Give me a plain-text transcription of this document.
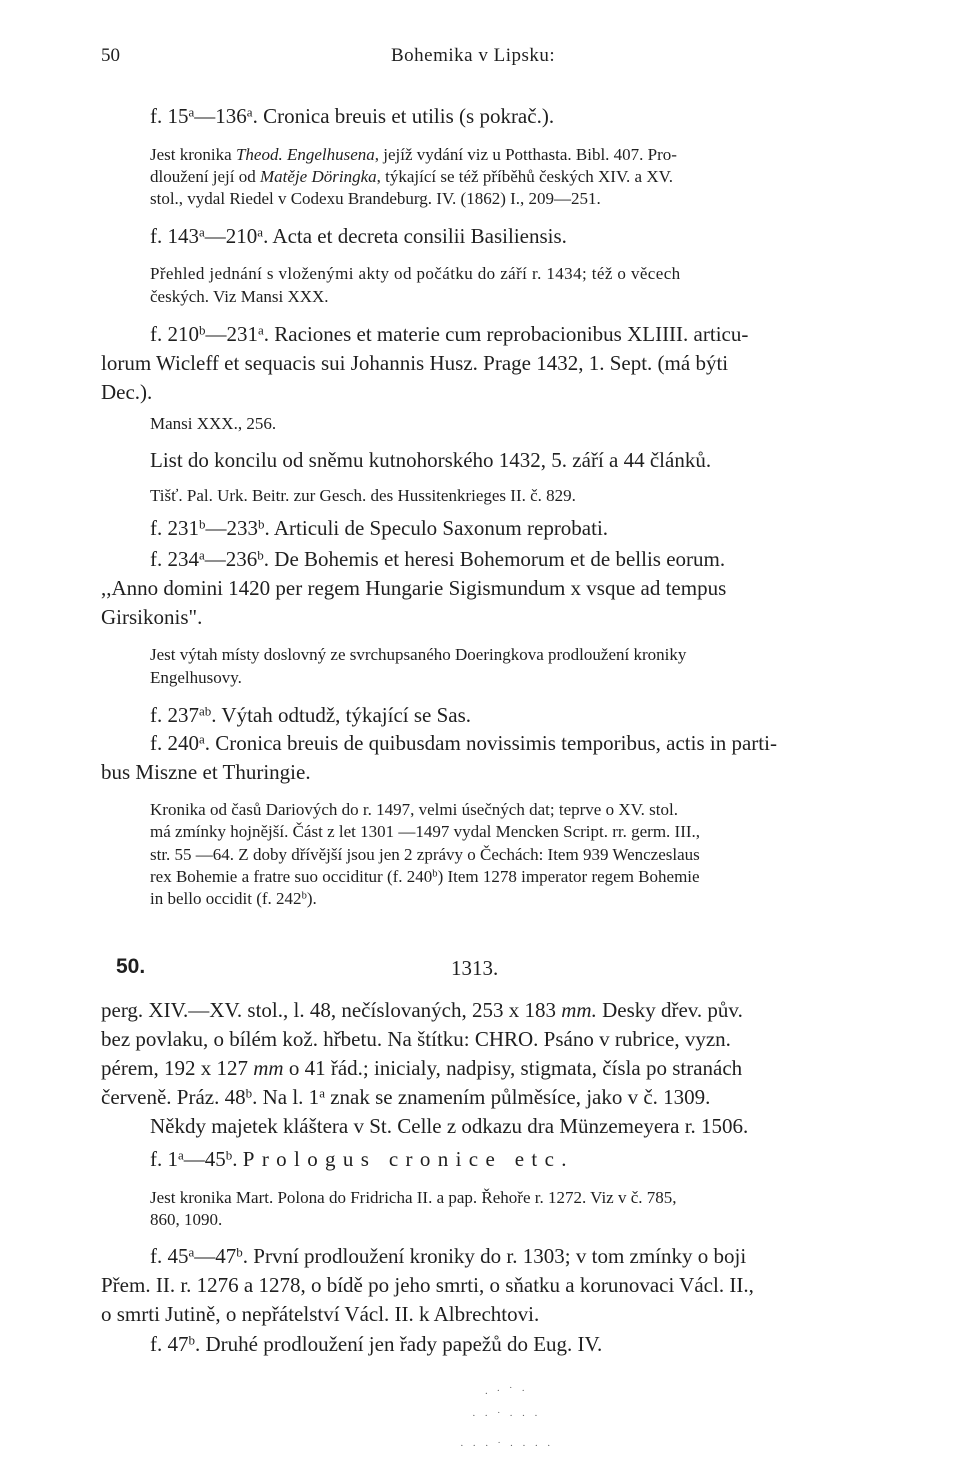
50	Bohemika v Lipsku:
f. 15$^a$—136$^a$. Cronica breuis et utilis (s pokrač.).
Jest kronika Theod. Engelhusena, jejíž vydání viz u Potthasta. Bibl. 407. Pro-
dloužení její od Matěje Döringka, týkající se též příběhů českých XIV. a XV.
stol., vydal Riedel v Codexu Brandeburg. IV. (1862) I., 209—251.
f. 143$^a$—210$^a$. Acta et decreta consilii Basiliensis.
Přehled jednání s vloženými akty od počátku do září r. 1434; též o věcech
českých. Viz Mansi XXX.
f. 210$^b$—231$^a$. Raciones et materie cum reprobacionibus XLIIII. articu-
lorum Wicleff et sequacis sui Johannis Husz. Prage 1432, 1. Sept. (má býti
Dec.).
Mansi XXX., 256.
List do koncilu od sněmu kutnohorského 1432, 5. září a 44 článků.
Tišť. Pal. Urk. Beitr. zur Gesch. des Hussitenkrieges II. č. 829.
f. 231$^b$—233$^b$. Articuli de Speculo Saxonum reprobati.
f. 234$^a$—236$^b$. De Bohemis et heresi Bohemorum et de bellis eorum.
,,Anno domini 1420 per regem Hungarie Sigismundum x vsque ad tempus
Girsikonis".
Jest výtah místy doslovný ze svrchupsaného Doeringkova prodloužení kroniky
Engelhusovy.
f. $237^{ab}$. Výtah odtudž, týkající se Sas.
f. 240$^a$. Cronica breuis de quibusdam novissimis temporibus, actis in parti-
bus Miszne et Thuringie.
Kronika od časů Dariových do r. 1497, velmi úsečných dat; teprve o XV. stol.
má zmínky hojnější. Část z let 1301 —1497 vydal Mencken Script. rr. germ. III.,
str. 55 —64. Z doby dřívější jsou jen 2 zprávy o Čechách: Item 939 Wenczeslaus
rex Bohemie a fratre suo occiditur (f. 240$^b$) Item 1278 imperator regem Bohemie
in bello occidit (f. 242$^b$).
50.	1313.
perg. XIV.—XV. stol., l. 48, nečíslovaných, 253 x 183 mm. Desky dřev. pův.
bez povlaku, o bílém kož. hřbetu. Na štítku: CHRO. Psáno v rubrice, vyzn.
pérem, 192 x 127 mm o 41 řád.; inicialy, nadpisy, stigmata, čísla po stranách
červeně. Práz. 48$^b$. Na l. 1$^a$ znak se znamením půlměsíce, jako v č. 1309.
Někdy majetek kláštera v St. Celle z odkazu dra Münzemeyera r. 1506.
f. 1$^a$—45$^b$. Prologus cronice etc.
Jest kronika Mart. Polona do Fridricha II. a pap. Řehoře r. 1272. Viz v č. 785,
860, 1090.
f. 45$^a$—47$^b$. První prodloužení kroniky do r. 1303; v tom zmínky o boji
Přem. II. r. 1276 a 1278, o bídě po jeho smrti, o sňatku a korunovaci Václ. II.,
o smrti Jutině, o nepřátelství Václ. II. k Albrechtovi.
f. 47$^b$. Druhé prodloužení jen řady papežů do Eug. IV.
. · ˙ ·
· · ˙ · · ·
· · · ˙ · · · ·
